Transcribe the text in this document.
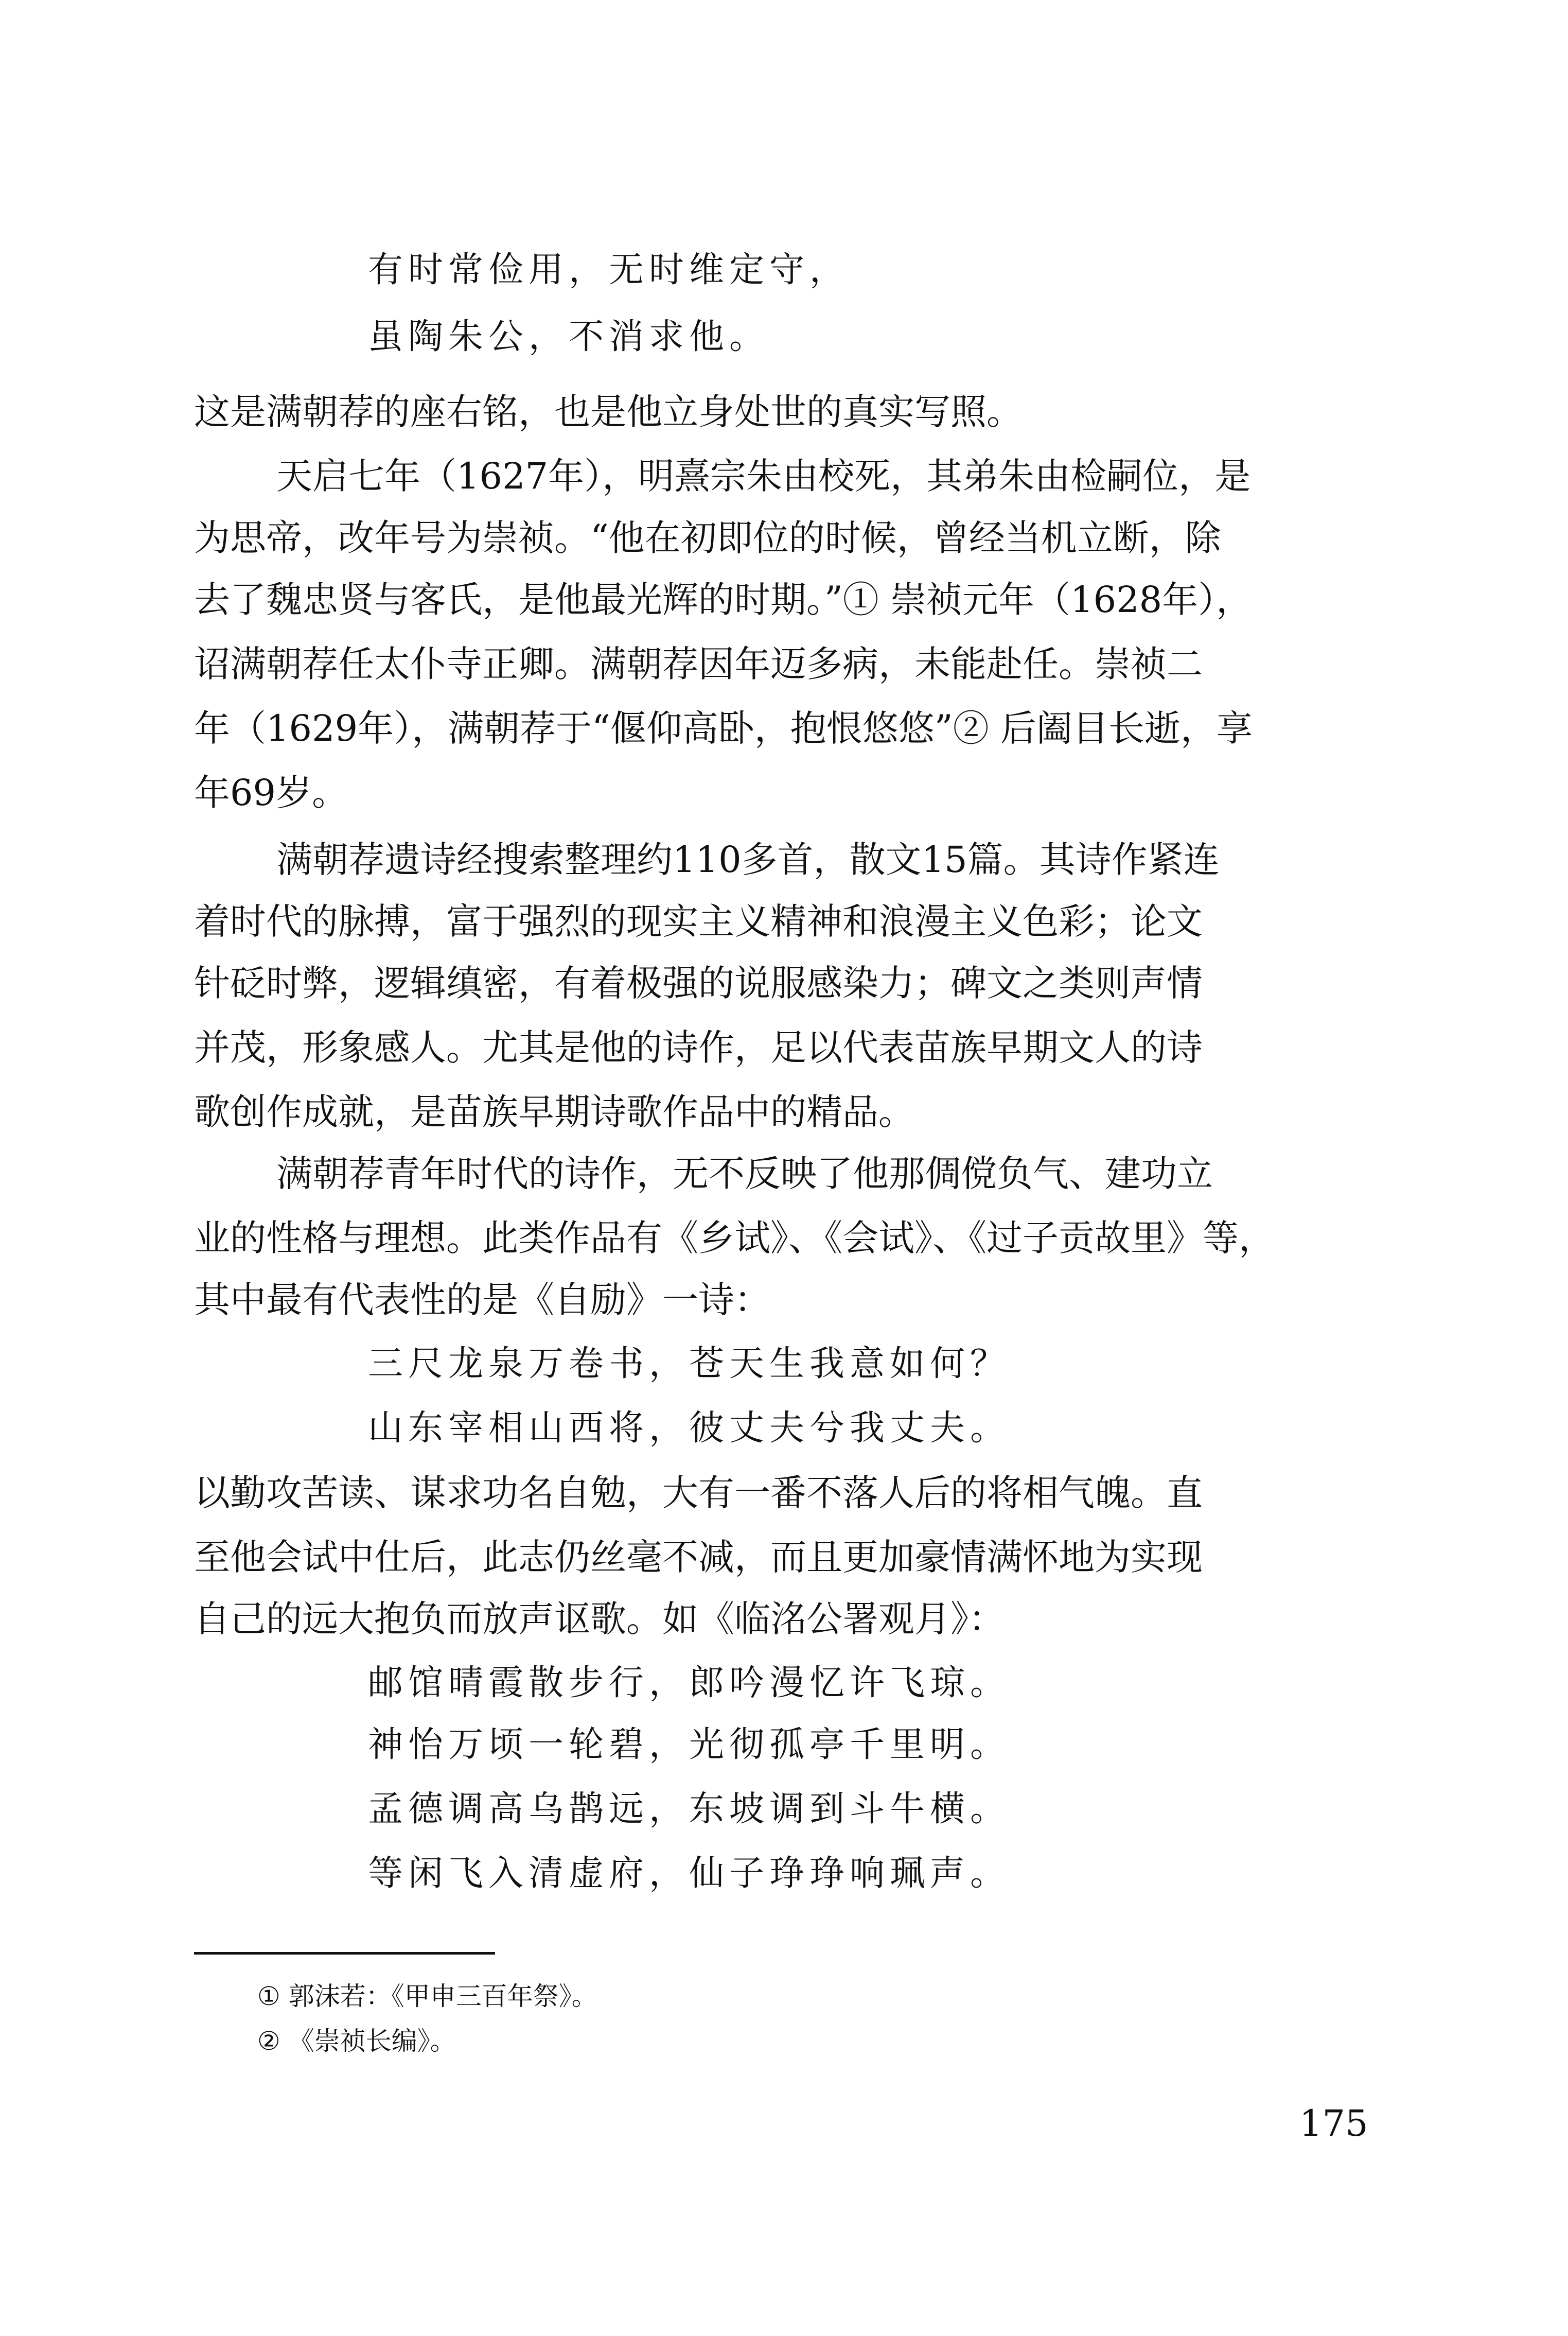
有时常俭用，无时维定守，
虽陶朱公，不消求他。
这是满朝荐的座右铭，也是他立身处世的真实写照。
天启七年（1627年），明熹宗朱由校死，其弟朱由检嗣位，是
为思帝，改年号为崇祯。“他在初即位的时候，曾经当机立断，除
去了魏忠贤与客氏，是他最光辉的时期。”① 崇祯元年（1628年），
诏满朝荐任太仆寺正卿。满朝荐因年迈多病，未能赴任。崇祯二
年（1629年），满朝荐于“偃仰高卧，抱恨悠悠”② 后阖目长逝，享
年69岁。
满朝荐遗诗经搜索整理约110多首，散文15篇。其诗作紧连
着时代的脉搏，富于强烈的现实主义精神和浪漫主义色彩；论文
针砭时弊，逻辑缜密，有着极强的说服感染力；碑文之类则声情
并茂，形象感人。尤其是他的诗作，足以代表苗族早期文人的诗
歌创作成就，是苗族早期诗歌作品中的精品。
满朝荐青年时代的诗作，无不反映了他那倜傥负气、建功立
业的性格与理想。此类作品有《乡试》、《会试》、《过子贡故里》等，
其中最有代表性的是《自励》一诗：
三尺龙泉万卷书，苍天生我意如何？
山东宰相山西将，彼丈夫兮我丈夫。
以勤攻苦读、谋求功名自勉，大有一番不落人后的将相气魄。直
至他会试中仕后，此志仍丝毫不减，而且更加豪情满怀地为实现
自己的远大抱负而放声讴歌。如《临洺公署观月》：
邮馆晴霞散步行，郎吟漫忆许飞琼。
神怡万顷一轮碧，光彻孤亭千里明。
孟德调高乌鹊远，东坡调到斗牛横。
等闲飞入清虚府，仙子琤琤响珮声。
① 郭沫若：《甲申三百年祭》。
② 《崇祯长编》。
175
